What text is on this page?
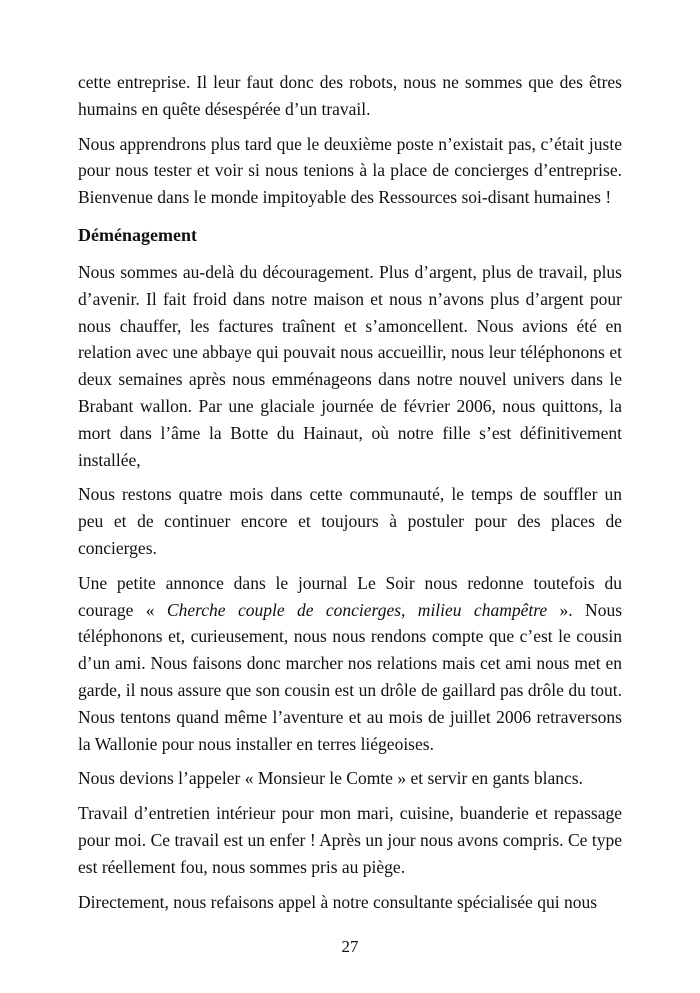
cette entreprise. Il leur faut donc des robots, nous ne sommes que des êtres humains en quête désespérée d’un travail.

Nous apprendrons plus tard que le deuxième poste n’existait pas, c’était juste pour nous tester et voir si nous tenions à la place de concierges d’entreprise. Bienvenue dans le monde impitoyable des Ressources soi-disant humaines !

Déménagement

Nous sommes au-delà du découragement. Plus d’argent, plus de travail, plus d’avenir. Il fait froid dans notre maison et nous n’avons plus d’argent pour nous chauffer, les factures traînent et s’amoncellent. Nous avions été en relation avec une abbaye qui pouvait nous accueillir, nous leur téléphonons et deux semaines après nous emménageons dans notre nouvel univers dans le Brabant wallon. Par une glaciale journée de février 2006, nous quittons, la mort dans l’âme la Botte du Hainaut, où notre fille s’est définitivement installée,

Nous restons quatre mois dans cette communauté, le temps de souffler un peu et de continuer encore et toujours à postuler pour des places de concierges.

Une petite annonce dans le journal Le Soir nous redonne toutefois du courage « Cherche couple de concierges, milieu champêtre ». Nous téléphonons et, curieusement, nous nous rendons compte que c’est le cousin d’un ami. Nous faisons donc marcher nos relations mais cet ami nous met en garde, il nous assure que son cousin est un drôle de gaillard pas drôle du tout. Nous tentons quand même l’aventure et au mois de juillet 2006 retraversons la Wallonie pour nous installer en terres liégeoises.

Nous devions l’appeler « Monsieur le Comte » et servir en gants blancs.

Travail d’entretien intérieur pour mon mari, cuisine, buanderie et repassage pour moi. Ce travail est un enfer ! Après un jour nous avons compris. Ce type est réellement fou, nous sommes pris au piège.

Directement, nous refaisons appel à notre consultante spécialisée qui nous

27
